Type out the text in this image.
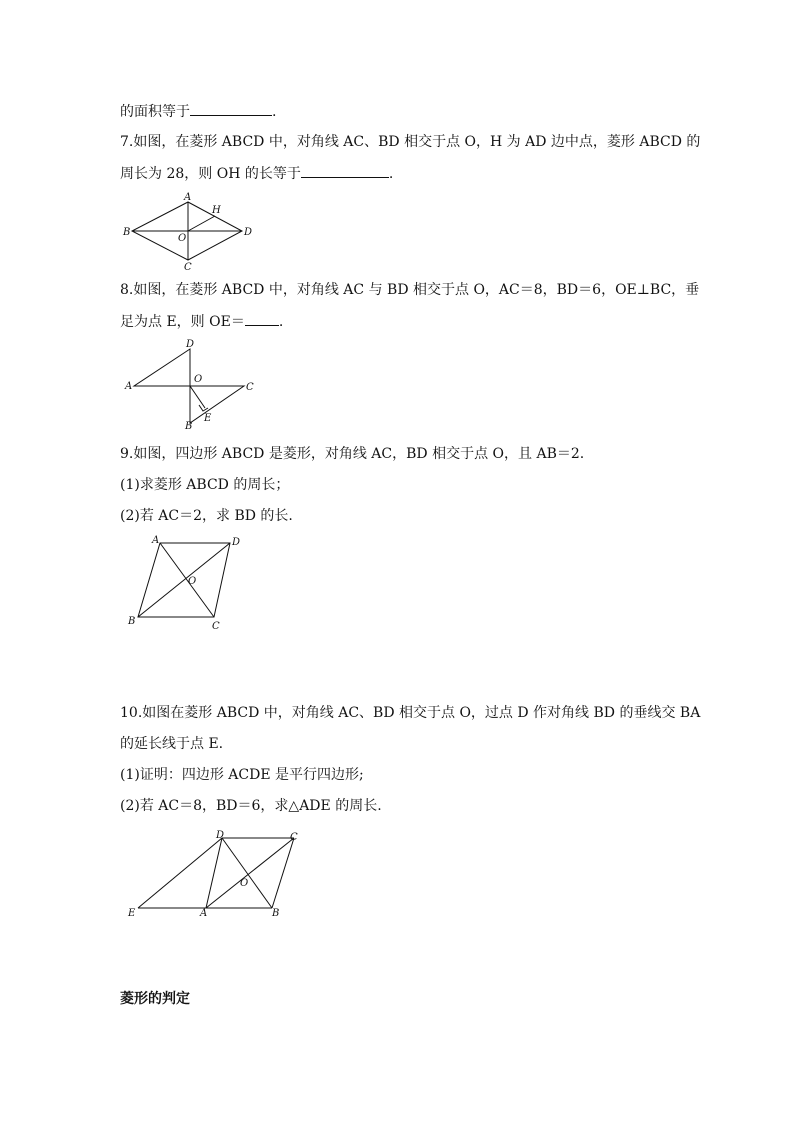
的面积等于	.
7.如图，在菱形 ABCD 中，对角线 AC、BD 相交于点 O，H 为 AD 边中点，菱形 ABCD 的
周长为 28，则 OH 的长等于	.
A
H
B
O
D
C
8.如图，在菱形 ABCD 中，对角线 AC 与 BD 相交于点 O，AC＝8，BD＝6，OE⊥BC，垂
足为点 E，则 OE＝ .
D
A
O
C
E
B
9.如图，四边形 ABCD 是菱形，对角线 AC，BD 相交于点 O，且 AB＝2.
(1)求菱形 ABCD 的周长；
(2)若 AC＝2，求 BD 的长.
A	D
O
B	C
10.如图在菱形 ABCD 中，对角线 AC、BD 相交于点 O，过点 D 作对角线 BD 的垂线交 BA
的延长线于点 E.
(1)证明：四边形 ACDE 是平行四边形;
(2)若 AC＝8，BD＝6，求△ADE 的周长.
D	C
O
E	A	B
菱形的判定
